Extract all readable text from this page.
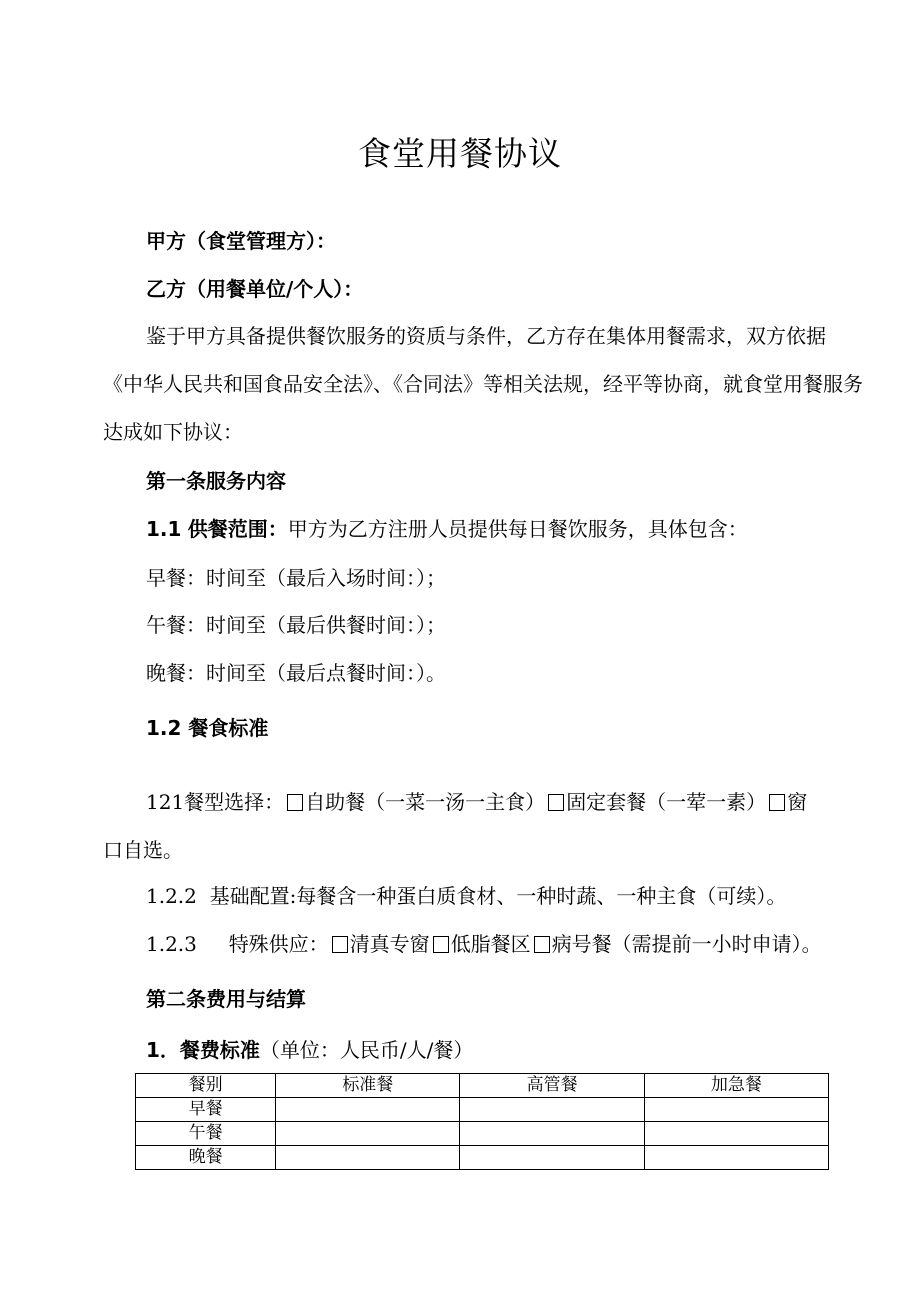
食堂用餐协议
甲方（食堂管理方）：
乙方（用餐单位/个人）：
鉴于甲方具备提供餐饮服务的资质与条件，乙方存在集体用餐需求，双方依据《中华人民共和国食品安全法》、《合同法》等相关法规，经平等协商，就食堂用餐服务达成如下协议：
第一条服务内容
1.1 供餐范围：甲方为乙方注册人员提供每日餐饮服务，具体包含：
早餐：时间至（最后入场时间：）；
午餐：时间至（最后供餐时间：）；
晚餐：时间至（最后点餐时间：）。
1.2 餐食标准
121餐型选择： 自助餐（一菜一汤一主食） 固定套餐（一荤一素） 窗
口自选。
1.2.2 基础配置:每餐含一种蛋白质食材、一种时蔬、一种主食（可续）。
1.2.3 特殊供应： 清真专窗 低脂餐区 病号餐（需提前一小时申请）。
第二条费用与结算
1．餐费标准（单位：人民币/人/餐）
餐别	标准餐	高管餐	加急餐
早餐			
午餐			
晚餐			
